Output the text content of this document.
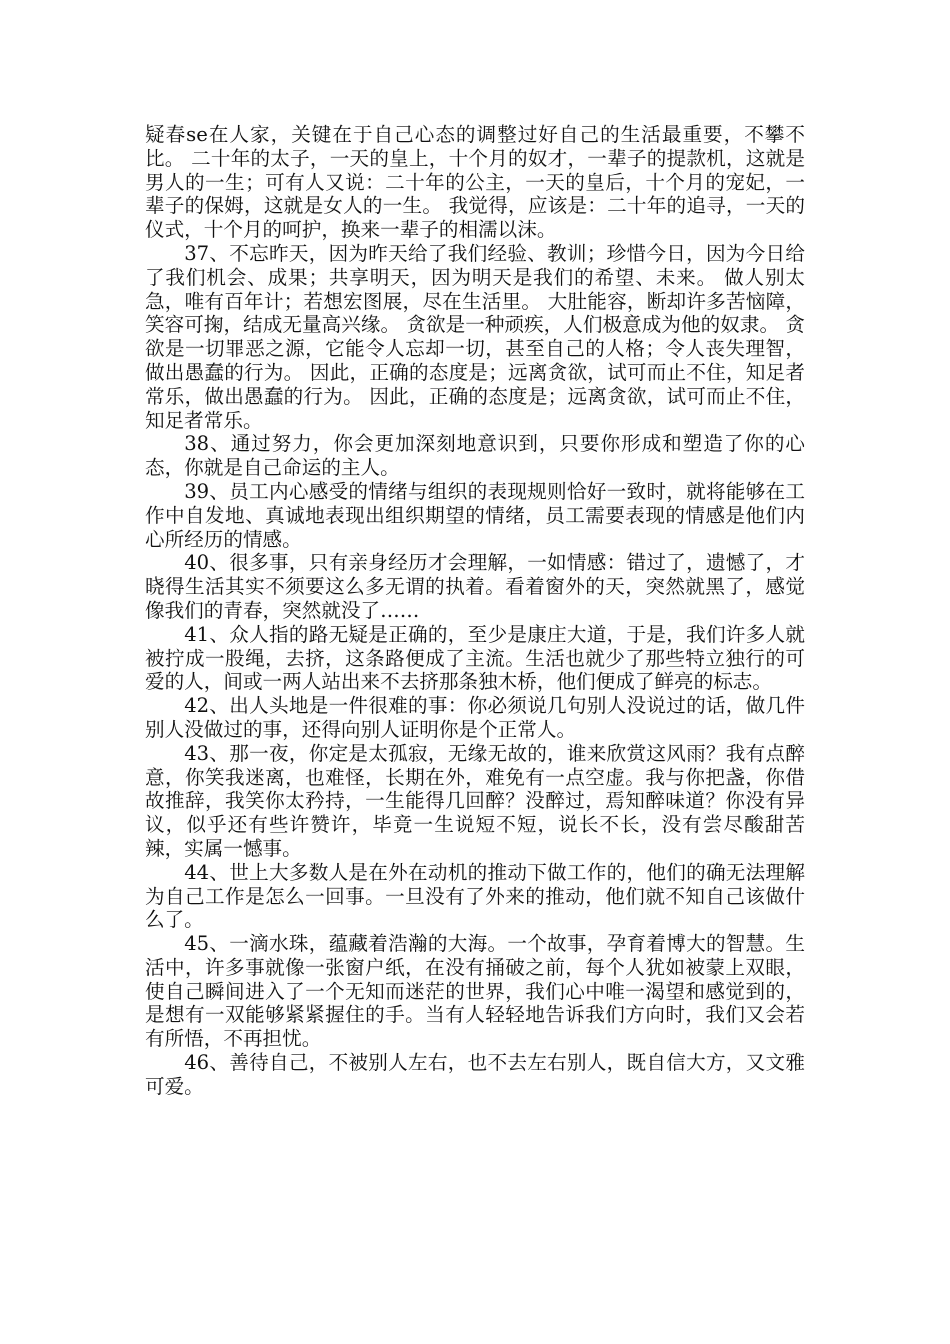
疑春se在人家，关键在于自己心态的调整过好自己的生活最重要，不攀不比。 二十年的太子，一天的皇上，十个月的奴才，一辈子的提款机，这就是男人的一生；可有人又说：二十年的公主，一天的皇后，十个月的宠妃，一辈子的保姆，这就是女人的一生。 我觉得，应该是：二十年的追寻，一天的仪式，十个月的呵护，换来一辈子的相濡以沫。

37、不忘昨天，因为昨天给了我们经验、教训；珍惜今日，因为今日给了我们机会、成果；共享明天，因为明天是我们的希望、未来。 做人别太急，唯有百年计；若想宏图展，尽在生活里。 大肚能容，断却许多苦恼障，笑容可掬，结成无量高兴缘。 贪欲是一种顽疾，人们极意成为他的奴隶。 贪欲是一切罪恶之源，它能令人忘却一切，甚至自己的人格；令人丧失理智，做出愚蠢的行为。 因此，正确的态度是；远离贪欲，试可而止不住，知足者常乐，做出愚蠢的行为。 因此，正确的态度是；远离贪欲，试可而止不住，知足者常乐。

38、通过努力，你会更加深刻地意识到，只要你形成和塑造了你的心态，你就是自己命运的主人。

39、员工内心感受的情绪与组织的表现规则恰好一致时，就将能够在工作中自发地、真诚地表现出组织期望的情绪，员工需要表现的情感是他们内心所经历的情感。

40、很多事，只有亲身经历才会理解，一如情感：错过了，遗憾了，才晓得生活其实不须要这么多无谓的执着。看着窗外的天，突然就黑了，感觉像我们的青春，突然就没了……

41、众人指的路无疑是正确的，至少是康庄大道，于是，我们许多人就被拧成一股绳，去挤，这条路便成了主流。生活也就少了那些特立独行的可爱的人，间或一两人站出来不去挤那条独木桥，他们便成了鲜亮的标志。

42、出人头地是一件很难的事：你必须说几句别人没说过的话，做几件别人没做过的事，还得向别人证明你是个正常人。

43、那一夜，你定是太孤寂，无缘无故的，谁来欣赏这风雨？我有点醉意，你笑我迷离，也难怪，长期在外，难免有一点空虚。我与你把盏，你借故推辞，我笑你太矜持，一生能得几回醉？没醉过，焉知醉味道？你没有异议，似乎还有些许赞许，毕竟一生说短不短，说长不长，没有尝尽酸甜苦辣，实属一憾事。

44、世上大多数人是在外在动机的推动下做工作的，他们的确无法理解为自己工作是怎么一回事。一旦没有了外来的推动，他们就不知自己该做什么了。

45、一滴水珠，蕴藏着浩瀚的大海。一个故事，孕育着博大的智慧。生活中，许多事就像一张窗户纸，在没有捅破之前，每个人犹如被蒙上双眼，使自己瞬间进入了一个无知而迷茫的世界，我们心中唯一渴望和感觉到的，是想有一双能够紧紧握住的手。当有人轻轻地告诉我们方向时，我们又会若有所悟，不再担忧。

46、善待自己，不被别人左右，也不去左右别人，既自信大方，又文雅可爱。
